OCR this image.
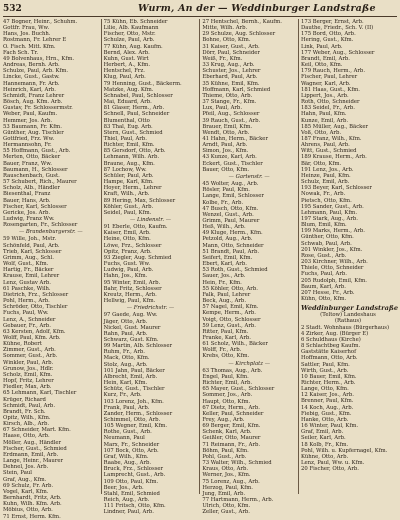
532	Wurm, An der — Weddinburger Landstraße
47 Bogner, Heinr., Schuhm.
Gottfr. Frau, Ww.
Hans, Jos. Buchh.
Rostmann, Fr. Lehrer E
O. Fisch. Mitt. Kfm.
Fach Sch. Tr.
49 Bolvenhaus, Hrn., Kfm.
Andreas, Bernh. Arb.
Schulze, Paul, Arb. Kfm.
Lincke, Gust., Gastw.
Hannemann, Fr. Arb.
Heinrich, Karl, Arb.
Schmidt, Franz Lehrer
Bösch, Aug. Kfm. Arb.
Gustav, Fr. Schlossermstr.
Weber, Paul, Kaufm.
Hemmer, Jos. Arb.
53 Baumann, Fr. Kfm.
Günther, Aug. Tischler
Gottfried, Frz. Ww.
Hermannsohn, Fr.
55 Hoffmann, Gust., Arb.
Merten, Otto, Bäcker
Bauer, Franz, Ww.
Baumann, H., Schlosser
Rauschenbach, Gust.
57 Schubert, Rich., Maurer
Scholz, Alb., Händler
Biesenthal, Franz
Bauer, Hans, Arb.
Fischer, Karl, Schlosser
Gericke, Jos. Arb.
Ludwig, Franz Ww.
Rosengarten, Fr., Schlosser
— Brandenburgerstr. —
59 Wille, Joh., Mstr.
Schönfeld, Paul, Arb.
Trieb, Karl, Schlosser
Grimm, Aug., Schl.
Wolf, Gust., Kfm.
Hartig, Fr., Bäcker
Krause, Emil, Lehrer
Lenz, Gustav Arb.
61 Paschke, Wilh.
Dietrich, Frz., Schlosser
Pohl, Herm., Arb.
Schröder, Otto, Tischler
Fuchs, Paul, Ww.
Lenz, A., Schneider
Gebauer, Fr., Arb.
63 Kersten, Adolf, Kfm.
Wolff, Paul, Kfm. Arb.
Kühne, Robert
Zimmer, Gust., Arb.
Sommer, Gust., Arb.
Winkler, Paul, Arb.
Grunow, Jos., Hdlr.
Scholz, Emil, Kfm.
Hopf, Fritz, Lehrer
Fiedler, Max, Arb.
65 Lehmann, Karl, Tischler
Krüger, Richard
Schmidt, Paul, Arb.
Brandt, Fr. Sch.
Opitz, Wilh., Kfm.
Kirsch, Alb., Arb.
67 Schneider, Mart. Kfm.
Haase, Otto, Arb.
Möller, Aug., Händler
Fischer, Gust., Schmied
Erdmann, Emil, Arb.
Lange, Heinr., Maurer
Dehnel, Jos. Arb.
Stein, Paul
Graf, Aug., Kfm.
69 Schulz, Fr. Arb.
Vogel, Karl, Kfm.
Bernhardt, Fritz, Arb.
Kuhn, Wilh. Kfm. Arb.
Möbius, Otto, Arb.
71 Ernst, Herm. Kfm.
75 Kühn, Eb. Schneider
Lilie, Alb. Kaufmann
Fischer, Otto, Mstr.
Schulze, Paul, Arb.
77 Kühn, Aug. Kaufm.
Bernd, Alex. Arb.
Kuhn, Gust. Wirt
Herbert, A., Kfm.
Hentschel, Frz.
Klug, Paul, Arb.
79 Henning, Gust., Bäckerm.
Matzke, Aug. Kfm.
Schnabel, Paul, Schlosser
Mai, Eduard, Arb.
81 Glaser, Herm., Arb.
Schnell, Paul, Schneider
Blumenthal, Otto
83 Thal, Eug. Arb.
Stern, Gust., Schmied
Thiel, Paul, Arb.
Richter, Emil, Kfm.
85 Gersdorf, Otto, Arb.
Lehmann, Wilh. Arb.
Braune, Aug., Kfm.
87 Lochow, Ww.
Schüler, Paul, Arb.
Hampe, Karl, Kfm.
Hoyer, Herm., Lehrer
Kraft, Wilh., Arb.
89 Hering, Max, Schlosser
Köhler, Gust., Arb.
Seidel, Paul, Kfm.
— Lindenstr. —
91 Eberle, Otto, Kaufm.
Kaiser, Emil, Arb.
Heine, Otto, Kfm.
Löwe, Frz., Schlosser
Opitz, Franz, Arb.
93 Ziegler, Aug. Schmied
Fuchs, Gust. Ww.
Ludwig, Paul, Arb.
Hahn, Jos., Kfm.
95 Winter, Emil, Arb.
Bahr, Fritz, Schlosser
Kreutz, Herm., Arb.
Hellwig, Paul, Kfm.
— Friedrichstr. —
97 Gaede, Aug. Ww.
Jäger, Otto, Arb.
Nickel, Gust. Maurer
Rahn, Paul, Arb.
Schwarz, Gust. Kfm.
99 Martin, Alb. Schlosser
Ruhm, Fr., Arb.
Mack, Otto, Kfm.
Stolz, Aug., Arb.
101 Jahn, Paul, Bäcker
Albrecht, Emil, Arb.
Hein, Karl, Kfm.
Schütz, Gust., Tischler
Kurz, Fr., Arb.
103 Lorenz, Joh., Kfm.
Frank, Paul, Arb.
Zander, Herm., Schlosser
Schimmel, Otto, Arb.
105 Wegner, Emil, Kfm.
Rothe, Gust., Arb.
Neumann, Paul
Marx, Fr., Schneider
107 Bock, Otto, Arb.
Graf, Wilh., Kfm.
Raabe, Aug., Arb.
Bruck, Frz., Schlosser
Lamprecht, Gust., Arb.
109 Otto, Paul, Kfm.
Beer, Jos., Arb.
Stahl, Emil, Schmied
Reich, Aug., Arb.
111 Fritsch, Otto, Kfm.
Lindner, Paul, Arb.
27 Hentschel, Bernh., Kaufm.
Mitte, Wilh. Arb.
29 Schulze, Aug. Schlosser
Bohne, Otto, Kfm.
31 Kaiser, Gust., Arb.
Dörr, Paul, Schneider
Weiß, Fr., Kfm.
33 Krug, Aug., Arb.
Schuster, Jos., Lehrer
Eberhard, Paul, Arb.
35 Kühne, Emil, Kfm.
Hoffmann, Karl, Schmied
Thieme, Otto, Arb.
37 Stange, Fr., Kfm.
Lux, Paul, Arb.
Pfeil, Aug., Schlosser
39 Rauch, Gust., Arb.
Brauer, Emil, Kfm.
Wendt, Otto, Arb.
41 Hahn, Herm., Bäcker
Arndt, Paul, Arb.
Simon, Jos., Kfm.
43 Kunze, Karl, Arb.
Eckert, Gust., Tischler
Bauer, Otto, Kfm.
— Gartenstr. —
45 Wolter, Aug., Arb.
Rösler, Paul, Kfm.
Lange, Emil, Schlosser
Kolbe, Fr., Arb.
47 Busch, Otto, Kfm.
Wenzel, Gust., Arb.
Grimm, Paul, Maurer
Heß, Wilh., Arb.
49 Kluge, Herm., Kfm.
Petzold, Aug., Arb.
Mann, Otto, Schneider
51 Brandt, Paul, Arb.
Seifert, Emil, Kfm.
Ebert, Karl, Arb.
53 Roth, Gust., Schmied
Sauer, Jos., Arb.
Hein, Fr., Kfm.
55 Köhler, Otto, Arb.
Falk, Paul, Lehrer
Beck, Aug., Arb.
57 Nagel, Emil, Kfm.
Kempe, Herm., Arb.
Voigt, Otto, Schlosser
59 Lenz, Gust., Arb.
Ritter, Paul, Kfm.
Franke, Karl, Arb.
61 Scholz, Wilh., Bäcker
Wolff, Fr., Arb.
Krebs, Otto, Kfm.
— Kirchplatz —
63 Thomas, Aug., Arb.
Engel, Paul, Kfm.
Richter, Emil, Arb.
65 Mayer, Gust., Schlosser
Sommer, Jos., Arb.
Haupt, Otto, Kfm.
67 Dietz, Herm., Arb.
Keller, Paul, Schneider
Frey, Aug., Arb.
69 Berger, Emil, Kfm.
Schenk, Karl, Arb.
Geißler, Otto, Maurer
71 Reimann, Fr., Arb.
Böhm, Paul, Kfm.
Pohl, Gust., Arb.
73 Walter, Wilh., Schmied
Kraus, Otto, Arb.
Werner, Jos., Kfm.
75 Lorenz, Aug., Arb.
Herzog, Paul, Kfm.
Jung, Emil, Arb.
77 Hartmann, Herm., Arb.
Ulrich, Otto, Kfm.
Zeller, Gust., Arb.
173 Berger, Ernst, Arb.
Dauthe, Friedr., Sch. V. (II)
175 Bord, Otto, Arb.
Hering, Gust., Kfm.
Link, Paul, Arb.
177 Weber, Aug., Schlosser
Brandt, Emil, Arb.
Keil, Otto, Kfm.
179 Rauch, Herm., Arb.
Fischer, Paul, Lehrer
Wagner, Karl, Arb.
181 Haas, Gust., Kfm.
Lippert, Jos., Arb.
Roth, Otto, Schneider
183 Seidel, Fr., Arb.
Hahn, Paul, Kfm.
Kunze, Emil, Arb.
185 Müller, Aug., Bäcker
Voß, Otto, Arb.
187 Franz, Wilh., Kfm.
Ahrens, Paul, Arb.
Witt, Gust., Schmied
189 Krause, Herm., Arb.
Bär, Otto, Kfm.
191 Lenz, Jos., Arb.
Heinze, Paul, Kfm.
Schulz, Emil, Arb.
193 Beyer, Karl, Schlosser
Nowak, Fr., Arb.
Pietsch, Otto, Kfm.
195 Sander, Gust., Arb.
Lehmann, Paul, Kfm.
197 Stark, Aug., Arb.
Blum, Emil, Kfm.
199 Marks, Herm., Arb.
Günther, Otto, Kfm.
Schwab, Paul, Arb.
201 Winkler, Jos., Kfm.
Rose, Gust., Arb.
203 Kirchner, Wilh., Arb.
Thiele, Otto, Schneider
Fuchs, Paul, Arb.
205 Rudolph, Emil, Kfm.
Baum, Karl, Arb.
207 Hesse, Fr., Arb.
Kühn, Otto, Kfm.
Weddinburger Landstraße
(Teltow) Landeshaus
(Rathaus)
2 Stadt. Wohnhaus (Bürgerhaus)
4 Zirker, Aug. (Bürger E)
6 Schuldhaus (Kirche)
8 Schlachtbeg Kaufm.
Gaststätte Kaiserhof
Hoffmann, Otto, Arb.
Sattler, Paul, Kfm.
Wirth, Gust., Arb.
10 Bauer, Emil, Kfm.
Richter, Herm., Arb.
Lange, Otto, Kfm.
12 Kaiser, Jos., Arb.
Brenner, Paul, Kfm.
14 Koch, Aug., Arb.
Fiebig, Gust., Kfm.
Hanke, Otto, Arb.
16 Winter, Paul, Kfm.
Graf, Emil, Arb.
Seiler, Karl, Arb.
18 Kolb, Fr., Kfm.
Pohl, Wilh. u. Kupfernagel, Kfm.
Kühne, Otto, Arb.
Lenz, Paul, Ww. u. Kfm.
20 Fischer, Otto, Arb.
